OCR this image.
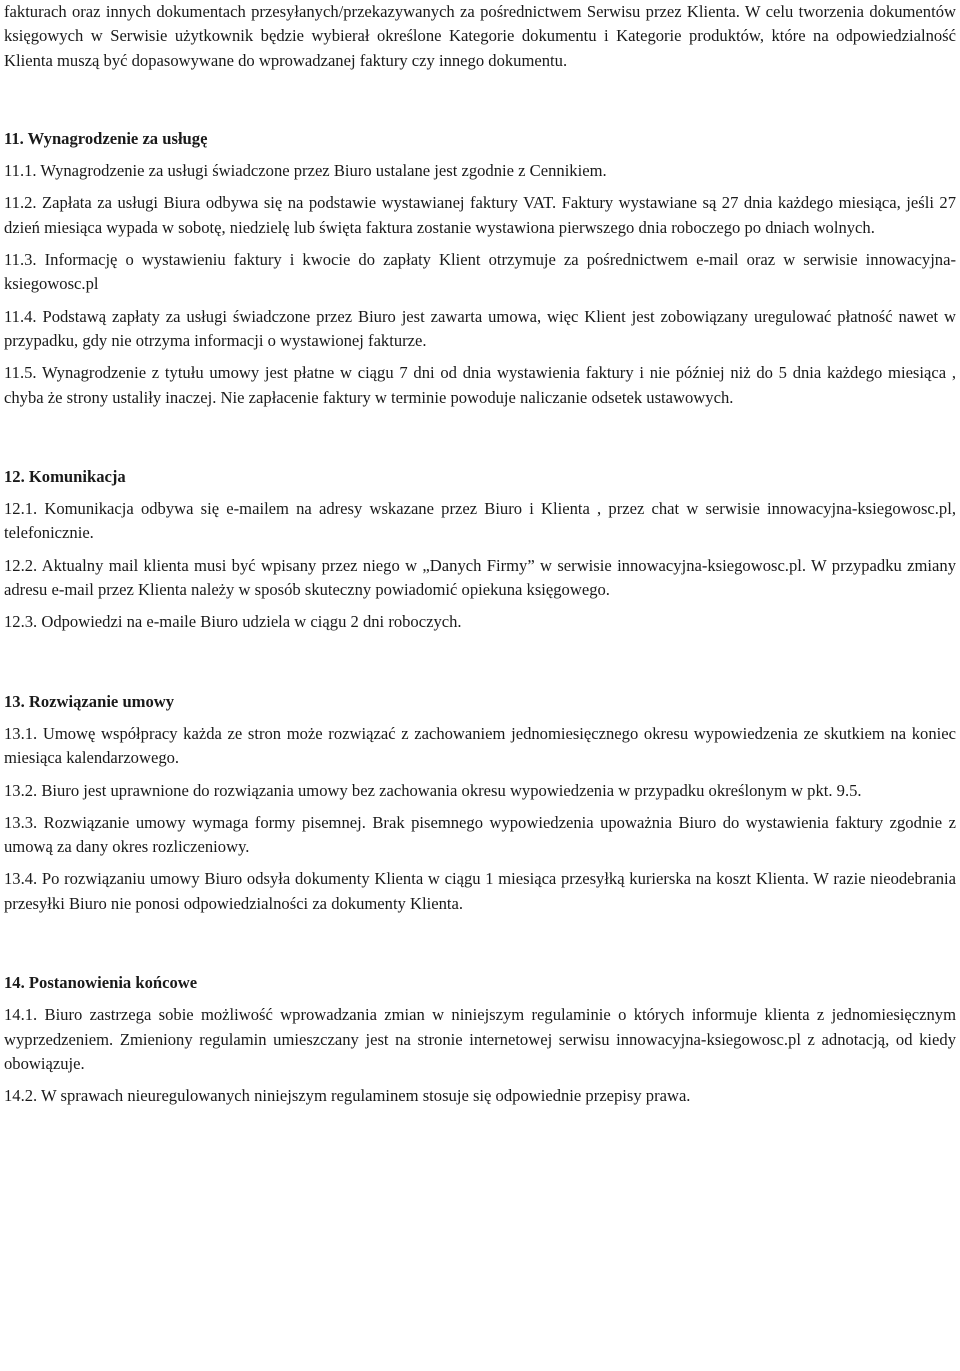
fakturach oraz innych dokumentach przesyłanych/przekazywanych za pośrednictwem Serwisu przez Klienta. W celu tworzenia dokumentów księgowych w Serwisie użytkownik będzie wybierał określone Kategorie dokumentu i Kategorie produktów, które na odpowiedzialność Klienta muszą być dopasowywane do wprowadzanej faktury czy innego dokumentu.

11. Wynagrodzenie za usługę

11.1. Wynagrodzenie za usługi świadczone przez Biuro ustalane jest zgodnie z Cennikiem.

11.2. Zapłata za usługi Biura odbywa się na podstawie wystawianej faktury VAT. Faktury wystawiane są 27 dnia każdego miesiąca, jeśli 27 dzień miesiąca wypada w sobotę, niedzielę lub święta faktura zostanie wystawiona pierwszego dnia roboczego po dniach wolnych.

11.3. Informację o wystawieniu faktury i kwocie do zapłaty Klient otrzymuje za pośrednictwem e-mail oraz w serwisie innowacyjna-ksiegowosc.pl

11.4. Podstawą zapłaty za usługi świadczone przez Biuro jest zawarta umowa, więc Klient jest zobowiązany uregulować płatność nawet w przypadku, gdy nie otrzyma informacji o wystawionej fakturze.

11.5. Wynagrodzenie z tytułu umowy jest płatne w ciągu 7 dni od dnia wystawienia faktury i nie później niż do 5 dnia każdego miesiąca , chyba że strony ustaliły inaczej. Nie zapłacenie faktury w terminie powoduje naliczanie odsetek ustawowych.

12. Komunikacja

12.1. Komunikacja odbywa się e-mailem na adresy wskazane przez Biuro i Klienta , przez chat w serwisie innowacyjna-ksiegowosc.pl, telefonicznie.

12.2. Aktualny mail klienta musi być wpisany przez niego w „Danych Firmy” w serwisie innowacyjna-ksiegowosc.pl. W przypadku zmiany adresu e-mail przez Klienta należy w sposób skuteczny powiadomić opiekuna księgowego.

12.3. Odpowiedzi na e-maile Biuro udziela w ciągu 2 dni roboczych.

13. Rozwiązanie umowy

13.1. Umowę współpracy każda ze stron może rozwiązać z zachowaniem jednomiesięcznego okresu wypowiedzenia ze skutkiem na koniec miesiąca kalendarzowego.

13.2. Biuro jest uprawnione do rozwiązania umowy bez zachowania okresu wypowiedzenia w przypadku określonym w pkt. 9.5.

13.3. Rozwiązanie umowy wymaga formy pisemnej. Brak pisemnego wypowiedzenia upoważnia Biuro do wystawienia faktury zgodnie z umową za dany okres rozliczeniowy.

13.4. Po rozwiązaniu umowy Biuro odsyła dokumenty Klienta w ciągu 1 miesiąca przesyłką kurierska na koszt Klienta. W razie nieodebrania przesyłki Biuro nie ponosi odpowiedzialności za dokumenty Klienta.

14. Postanowienia końcowe

14.1. Biuro zastrzega sobie możliwość wprowadzania zmian w niniejszym regulaminie o których informuje klienta z jednomiesięcznym wyprzedzeniem. Zmieniony regulamin umieszczany jest na stronie internetowej serwisu innowacyjna-ksiegowosc.pl z adnotacją, od kiedy obowiązuje.

14.2. W sprawach nieuregulowanych niniejszym regulaminem stosuje się odpowiednie przepisy prawa.
